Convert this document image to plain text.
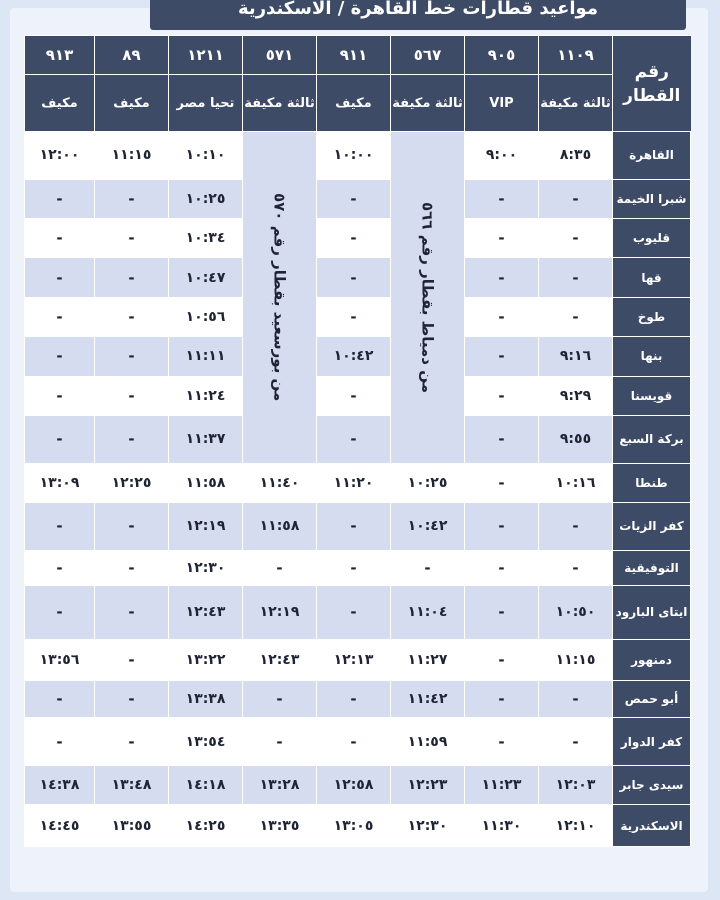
مواعيد قطارات خط القاهرة / الاسكندرية
رقم القطار	١١٠٩	٩٠٥	٥٦٧	٩١١	٥٧١	١٢١١	٨٩	٩١٣
	ثالثة مكيفة	VIP	ثالثة مكيفة	مكيف	ثالثة مكيفة	تحيا مصر	مكيف	مكيف
القاهرة	٨:٣٥	٩:٠٠	من دمياط بقطار رقم ٥٦٦	١٠:٠٠	من بورسعيد بقطار رقم ٥٧٠	١٠:١٠	١١:١٥	١٢:٠٠
شبرا الخيمة	-	-		-		١٠:٢٥	-	-
قليوب	-	-		-		١٠:٣٤	-	-
قها	-	-		-		١٠:٤٧	-	-
طوخ	-	-		-		١٠:٥٦	-	-
بنها	٩:١٦	-		١٠:٤٢		١١:١١	-	-
قويسنا	٩:٢٩	-		-		١١:٢٤	-	-
بركة السبع	٩:٥٥	-		-		١١:٣٧	-	-
طنطا	١٠:١٦	-	١٠:٢٥	١١:٢٠	١١:٤٠	١١:٥٨	١٢:٢٥	١٣:٠٩
كفر الزيات	-	-	١٠:٤٢	-	١١:٥٨	١٢:١٩	-	-
التوفيقية	-	-	-	-	-	١٢:٣٠	-	-
ايتاى البارود	١٠:٥٠	-	١١:٠٤	-	١٢:١٩	١٢:٤٣	-	-
دمنهور	١١:١٥	-	١١:٢٧	١٢:١٣	١٢:٤٣	١٣:٢٢	-	١٣:٥٦
أبو حمص	-	-	١١:٤٢	-	-	١٣:٣٨	-	-
كفر الدوار	-	-	١١:٥٩	-	-	١٣:٥٤	-	-
سيدى جابر	١٢:٠٣	١١:٢٣	١٢:٢٣	١٢:٥٨	١٣:٢٨	١٤:١٨	١٣:٤٨	١٤:٣٨
الاسكندرية	١٢:١٠	١١:٣٠	١٢:٣٠	١٣:٠٥	١٣:٣٥	١٤:٢٥	١٣:٥٥	١٤:٤٥
